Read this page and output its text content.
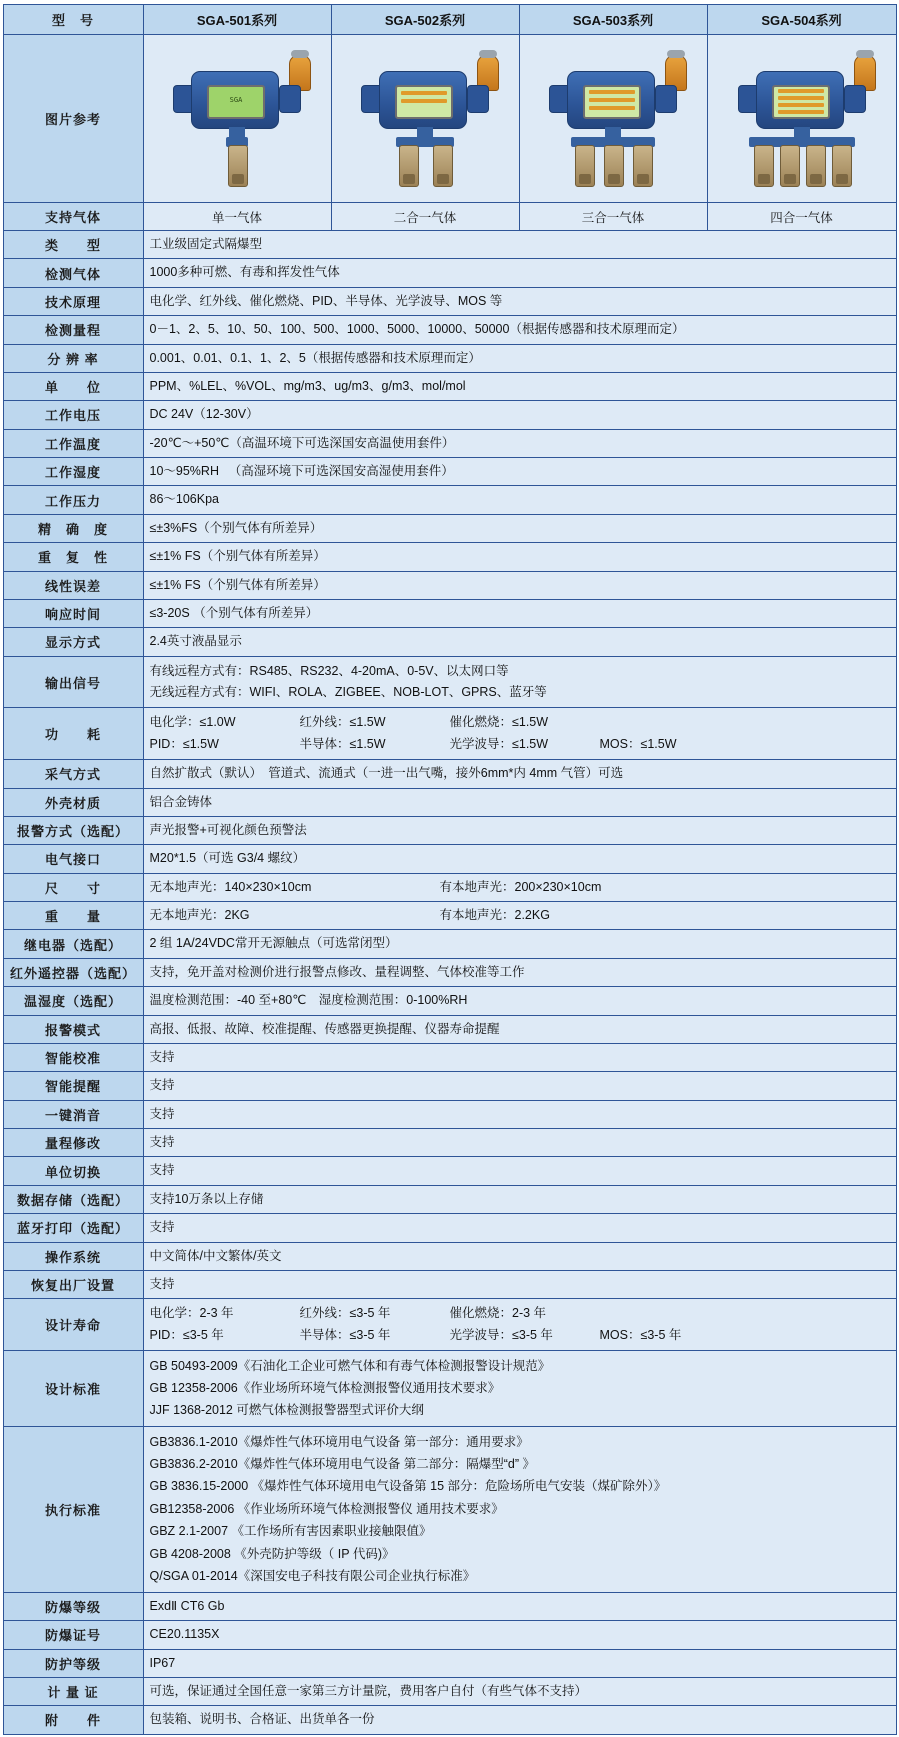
型　号	SGA-501系列	SGA-502系列	SGA-503系列	SGA-504系列
图片参考	SGA			

支持气体	单一气体	二合一气体	三合一气体	四合一气体
类　　型	工业级固定式隔爆型			
检测气体	1000多种可燃、有毒和挥发性气体			
技术原理	电化学、红外线、催化燃烧、PID、半导体、光学波导、MOS 等			
检测量程	0－1、2、5、10、50、100、500、1000、5000、10000、50000（根据传感器和技术原理而定）			
分 辨 率	0.001、0.01、0.1、1、2、5（根据传感器和技术原理而定）			
单　　位	PPM、%LEL、%VOL、mg/m3、ug/m3、g/m3、mol/mol			
工作电压	DC 24V（12-30V）			
工作温度	-20℃～+50℃（高温环境下可选深国安高温使用套件）			
工作湿度	10～95%RH 　（高湿环境下可选深国安高湿使用套件）			
工作压力	86～106Kpa			
精　确　度	≤±3%FS（个别气体有所差异）			
重　复　性	≤±1% FS（个别气体有所差异）			
线性误差	≤±1% FS（个别气体有所差异）			
响应时间	≤3-20S （个别气体有所差异）			
显示方式	2.4英寸液晶显示			
输出信号	有线远程方式有：RS485、RS232、4-20mA、0-5V、以太网口等
无线远程方式有：WIFI、ROLA、ZIGBEE、NOB-LOT、GPRS、蓝牙等			

功　　耗	
电化学：≤1.0W	红外线：≤1.5W	催化燃烧：≤1.5W
PID：≤1.5W	半导体：≤1.5W	光学波导：≤1.5W	MOS：≤1.5W

采气方式	自然扩散式（默认）　管道式、流通式（一进一出气嘴，接外6mm*内 4mm 气管）可选			
外壳材质	铝合金铸体			
报警方式（选配）	声光报警+可视化颜色预警法			
电气接口	M20*1.5（可选 G3/4 螺纹）			
尺　　寸	无本地声光：140×230×10cm 有本地声光：200×230×10cm			
重　　量	无本地声光：2KG 有本地声光：2.2KG			
继电器（选配）	2 组 1A/24VDC常开无源触点（可选常闭型）			
红外遥控器（选配）	支持，免开盖对检测价进行报警点修改、量程调整、气体校准等工作			
温湿度（选配）	温度检测范围：-40 至+80℃　湿度检测范围：0-100%RH			
报警模式	高报、低报、故障、校准提醒、传感器更换提醒、仪器寿命提醒			
智能校准	支持			
智能提醒	支持			
一键消音	支持			
量程修改	支持			
单位切换	支持			
数据存储（选配）	支持10万条以上存储			
蓝牙打印（选配）	支持			
操作系统	中文简体/中文繁体/英文			
恢复出厂设置	支持			
设计寿命	
电化学：2-3 年	红外线：≤3-5 年	催化燃烧：2-3 年
PID：≤3-5 年	半导体：≤3-5 年	光学波导：≤3-5 年	MOS：≤3-5 年

设计标准	GB 50493-2009《石油化工企业可燃气体和有毒气体检测报警设计规范》
GB 12358-2006《作业场所环境气体检测报警仪通用技术要求》
JJF 1368-2012 可燃气体检测报警器型式评价大纲			

执行标准	
GB3836.1-2010《爆炸性气体环境用电气设备 第一部分：通用要求》
GB3836.2-2010《爆炸性气体环境用电气设备 第二部分：隔爆型“d” 》
GB 3836.15-2000 《爆炸性气体环境用电气设备第 15 部分：危险场所电气安装（煤矿除外）》
GB12358-2006 《作业场所环境气体检测报警仪 通用技术要求》
GBZ 2.1-2007 《工作场所有害因素职业接触限值》
GB 4208-2008 《外壳防护等级（ IP 代码)》
Q/SGA 01-2014《深国安电子科技有限公司企业执行标准》

防爆等级	ExdⅡ CT6 Gb			
防爆证号	CE20.1135X			
防护等级	IP67			
计 量 证	可选，保证通过全国任意一家第三方计量院，费用客户自付（有些气体不支持）			
附　　件	包装箱、说明书、合格证、出货单各一份			
